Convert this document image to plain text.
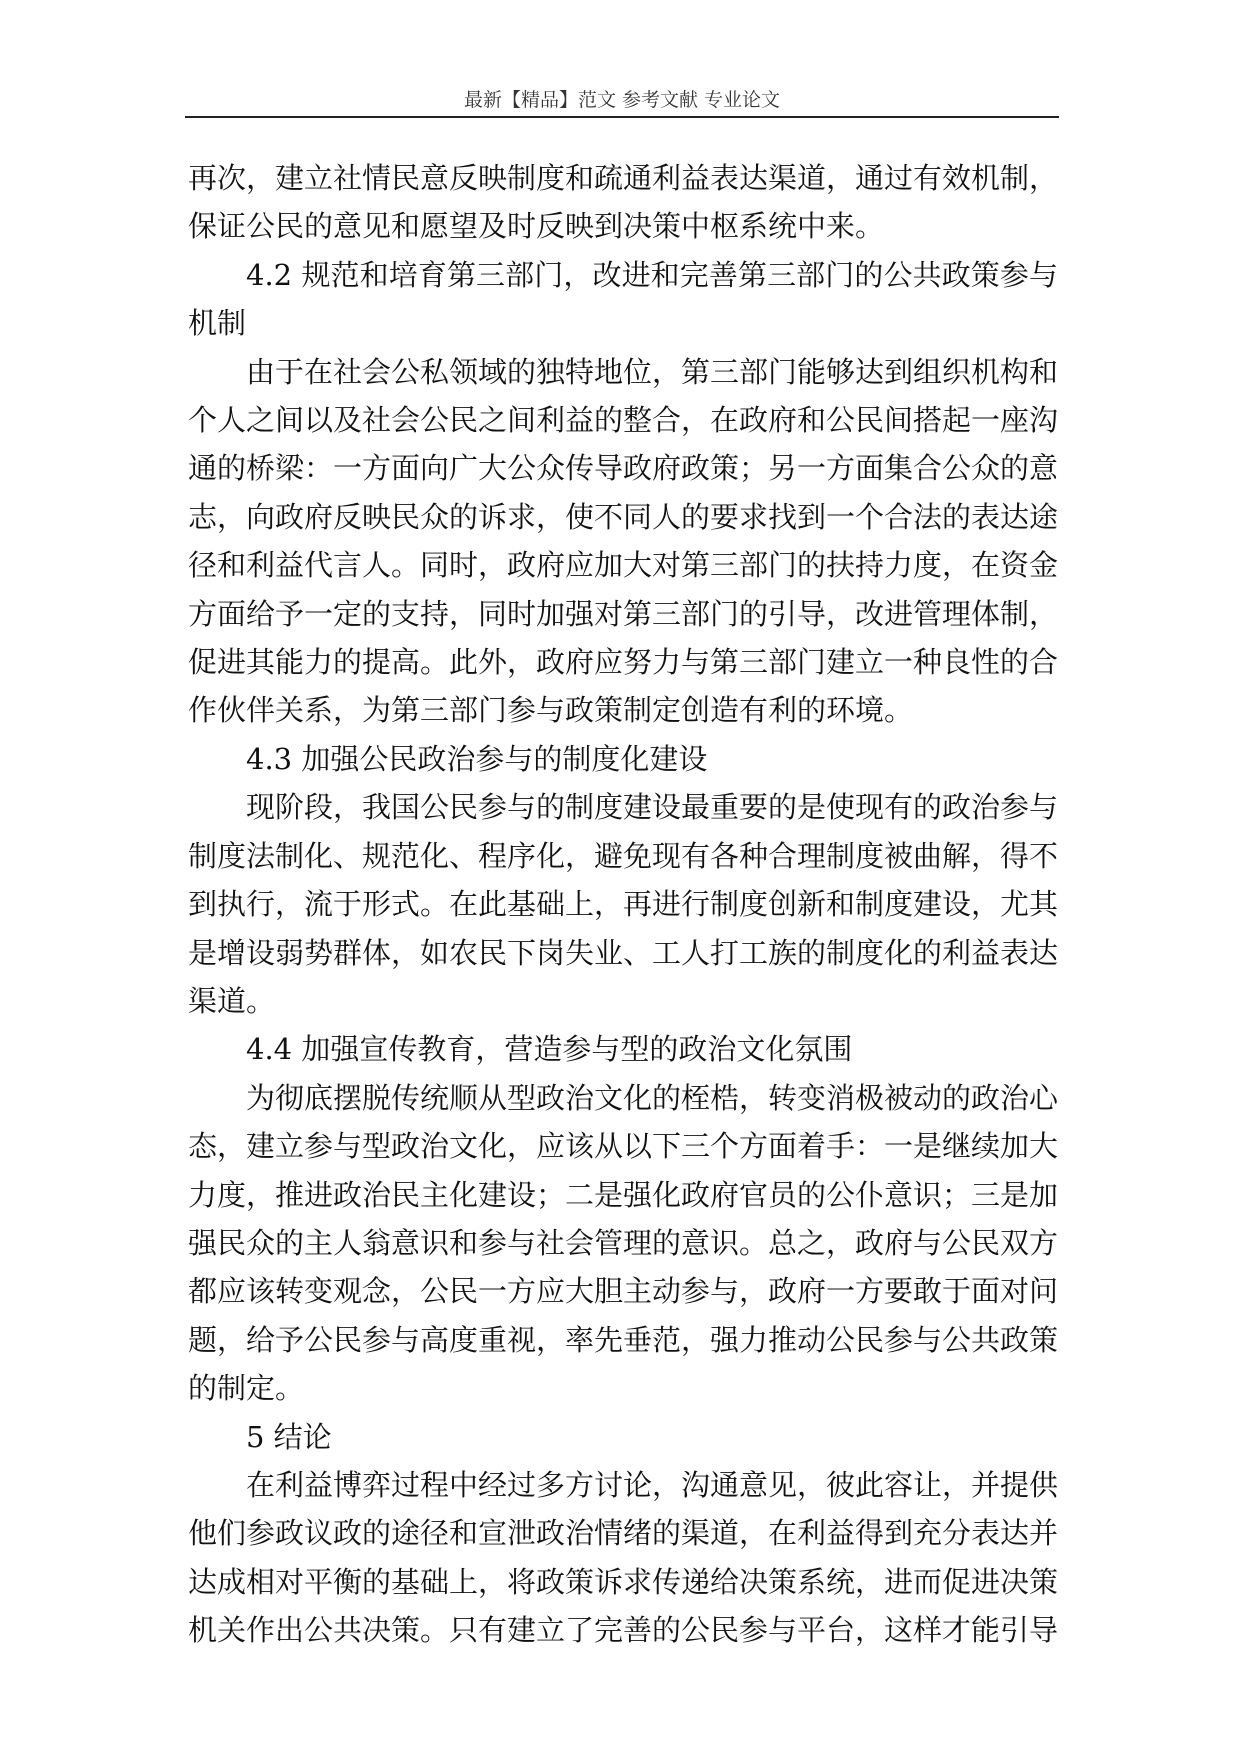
最新【精品】范文 参考文献 专业论文

再次，建立社情民意反映制度和疏通利益表达渠道，通过有效机制，保证公民的意见和愿望及时反映到决策中枢系统中来。

4.2 规范和培育第三部门，改进和完善第三部门的公共政策参与机制

由于在社会公私领域的独特地位，第三部门能够达到组织机构和个人之间以及社会公民之间利益的整合，在政府和公民间搭起一座沟通的桥梁：一方面向广大公众传导政府政策；另一方面集合公众的意志，向政府反映民众的诉求，使不同人的要求找到一个合法的表达途径和利益代言人。同时，政府应加大对第三部门的扶持力度，在资金方面给予一定的支持，同时加强对第三部门的引导，改进管理体制，促进其能力的提高。此外，政府应努力与第三部门建立一种良性的合作伙伴关系，为第三部门参与政策制定创造有利的环境。

4.3 加强公民政治参与的制度化建设

现阶段，我国公民参与的制度建设最重要的是使现有的政治参与制度法制化、规范化、程序化，避免现有各种合理制度被曲解，得不到执行，流于形式。在此基础上，再进行制度创新和制度建设，尤其是增设弱势群体，如农民下岗失业、工人打工族的制度化的利益表达渠道。

4.4 加强宣传教育，营造参与型的政治文化氛围

为彻底摆脱传统顺从型政治文化的桎梏，转变消极被动的政治心态，建立参与型政治文化，应该从以下三个方面着手：一是继续加大力度，推进政治民主化建设；二是强化政府官员的公仆意识；三是加强民众的主人翁意识和参与社会管理的意识。总之，政府与公民双方都应该转变观念，公民一方应大胆主动参与，政府一方要敢于面对问题，给予公民参与高度重视，率先垂范，强力推动公民参与公共政策的制定。

5 结论

在利益博弈过程中经过多方讨论，沟通意见，彼此容让，并提供他们参政议政的途径和宣泄政治情绪的渠道，在利益得到充分表达并达成相对平衡的基础上，将政策诉求传递给决策系统，进而促进决策机关作出公共决策。只有建立了完善的公民参与平台，这样才能引导
